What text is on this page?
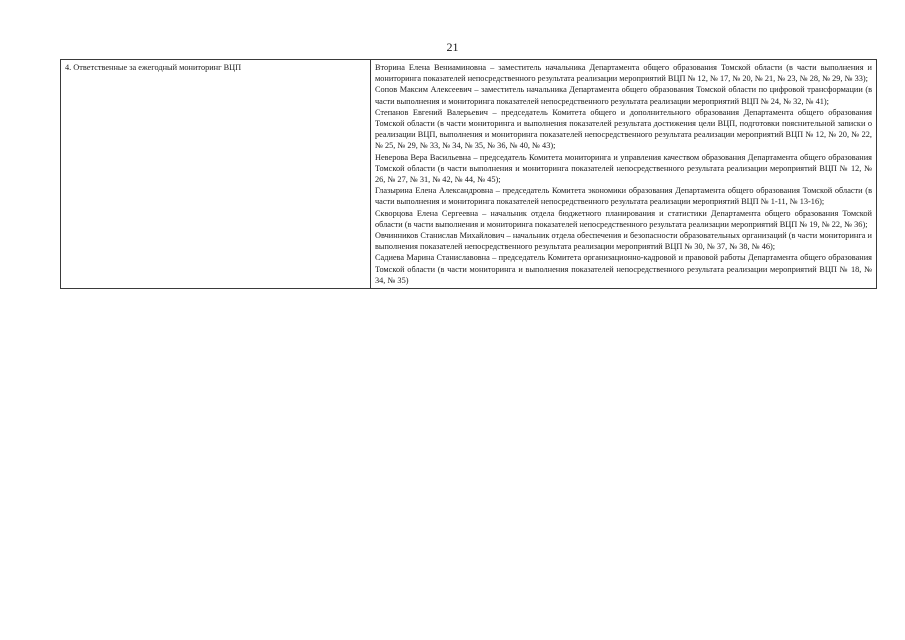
21
4. Ответственные за ежегодный мониторинг ВЦП	Вторина Елена Вениаминовна – заместитель начальника Департамента общего образования Томской области (в части выполнения и мониторинга показателей непосредственного результата реализации мероприятий ВЦП № 12, № 17, № 20, № 21, № 23, № 28, № 29, № 33);
Сопов Максим Алексеевич – заместитель начальника Департамента общего образования Томской области по цифровой трансформации (в части выполнения и мониторинга показателей непосредственного результата реализации мероприятий ВЦП № 24, № 32, № 41);
Степанов Евгений Валерьевич – председатель Комитета общего и дополнительного образования Департамента общего образования Томской области (в части мониторинга и выполнения показателей результата достижения цели ВЦП, подготовки пояснительной записки о реализации ВЦП, выполнения и мониторинга показателей непосредственного результата реализации мероприятий ВЦП № 12, № 20, № 22, № 25, № 29, № 33, № 34, № 35, № 36, № 40, № 43);
Неверова Вера Васильевна – председатель Комитета мониторинга и управления качеством образования Департамента общего образования Томской области (в части выполнения и мониторинга показателей непосредственного результата реализации мероприятий ВЦП № 12, № 26, № 27, № 31, № 42, № 44, № 45);
Глазырина Елена Александровна – председатель Комитета экономики образования Департамента общего образования Томской области (в части выполнения и мониторинга показателей непосредственного результата реализации мероприятий ВЦП № 1-11, № 13-16);
Скворцова Елена Сергеевна – начальник отдела бюджетного планирования и статистики Департамента общего образования Томской области (в части выполнения и мониторинга показателей непосредственного результата реализации мероприятий ВЦП № 19, № 22, № 36);
Овчинников Станислав Михайлович – начальник отдела обеспечения и безопасности образовательных организаций (в части мониторинга и выполнения показателей непосредственного результата реализации мероприятий ВЦП № 30, № 37, № 38, № 46);
Садиева Марина Станиславовна – председатель Комитета организационно-кадровой и правовой работы Департамента общего образования Томской области (в части мониторинга и выполнения показателей непосредственного результата реализации мероприятий ВЦП № 18, № 34, № 35)
